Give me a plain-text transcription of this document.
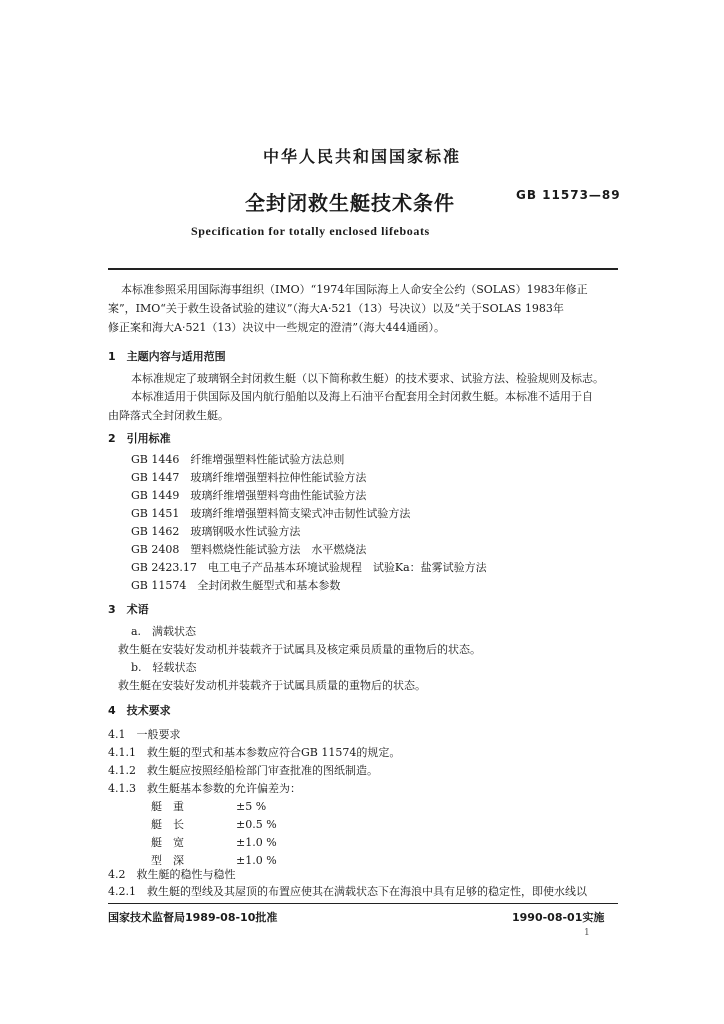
中华人民共和国国家标准
全封闭救生艇技术条件	GB 11573—89
Specification for totally enclosed lifeboats
本标准参照采用国际海事组织（IMO）“1974年国际海上人命安全公约（SOLAS）1983年修正
案”，IMO“关于救生设备试验的建议”（海大A·521（13）号决议）以及“关于SOLAS 1983年
修正案和海大A·521（13）决议中一些规定的澄清”（海大444通函）。
1　主题内容与适用范围
本标准规定了玻璃钢全封闭救生艇（以下简称救生艇）的技术要求、试验方法、检验规则及标志。
本标准适用于供国际及国内航行船舶以及海上石油平台配套用全封闭救生艇。本标准不适用于自
由降落式全封闭救生艇。
2　引用标准
GB 1446　纤维增强塑料性能试验方法总则
GB 1447　玻璃纤维增强塑料拉伸性能试验方法
GB 1449　玻璃纤维增强塑料弯曲性能试验方法
GB 1451　玻璃纤维增强塑料简支梁式冲击韧性试验方法
GB 1462　玻璃钢吸水性试验方法
GB 2408　塑料燃烧性能试验方法　水平燃烧法
GB 2423.17　电工电子产品基本环境试验规程　试验Ka：盐雾试验方法
GB 11574　全封闭救生艇型式和基本参数
3　术语
a.　满载状态
救生艇在安装好发动机并装载齐于试属具及核定乘员质量的重物后的状态。
b.　轻载状态
救生艇在安装好发动机并装载齐于试属具质量的重物后的状态。
4　技术要求
4.1　一般要求
4.1.1　救生艇的型式和基本参数应符合GB 11574的规定。
4.1.2　救生艇应按照经船检部门审查批准的图纸制造。
4.1.3　救生艇基本参数的允许偏差为：
艇　重	±5 %
艇　长	±0.5 %
艇　宽	±1.0 %
型　深	±1.0 %
4.2　救生艇的稳性与稳性
4.2.1　救生艇的型线及其屋顶的布置应使其在满载状态下在海浪中具有足够的稳定性，即使水线以
国家技术监督局1989-08-10批准	1990-08-01实施
1
